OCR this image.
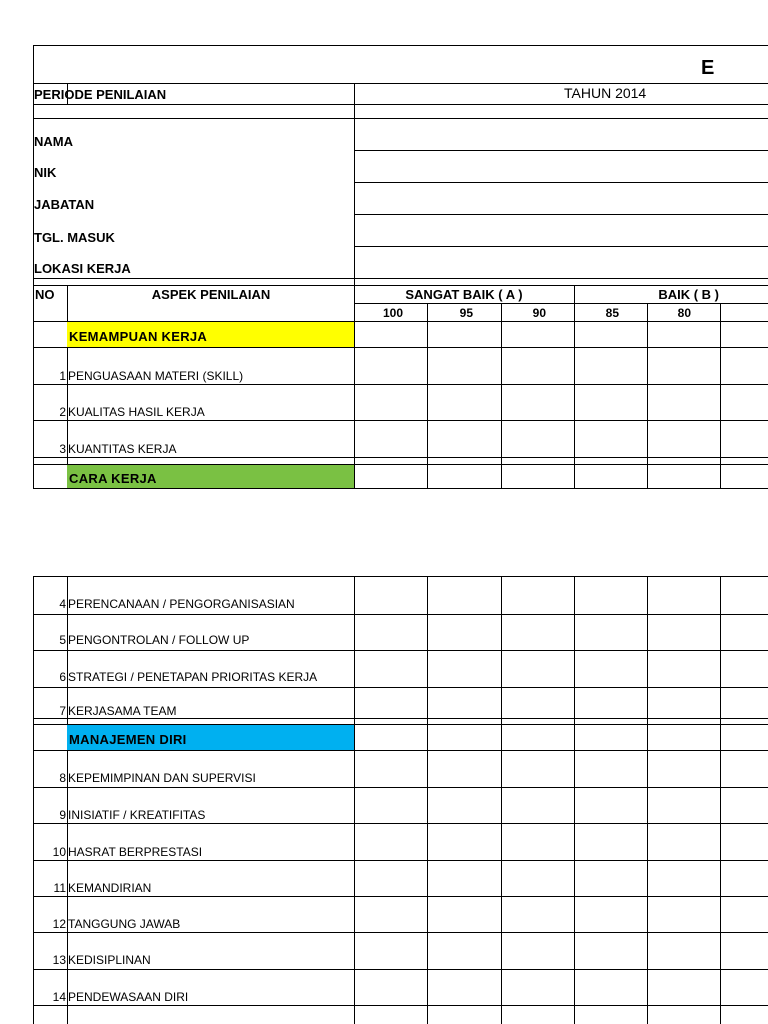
E
PERIODE PENILAIAN	TAHUN 2014
NAMA
NIK
JABATAN
TGL. MASUK
LOKASI KERJA
NO	ASPEK PENILAIAN	SANGAT BAIK ( A )	BAIK ( B )
100	95	90	85	80
KEMAMPUAN KERJA
1 PENGUASAAN MATERI (SKILL)
2 KUALITAS HASIL KERJA
3 KUANTITAS KERJA
CARA KERJA
4 PERENCANAAN / PENGORGANISASIAN
5 PENGONTROLAN / FOLLOW UP
6 STRATEGI / PENETAPAN PRIORITAS KERJA
7 KERJASAMA TEAM
MANAJEMEN DIRI
8 KEPEMIMPINAN DAN SUPERVISI
9 INISIATIF / KREATIFITAS
10 HASRAT BERPRESTASI
11 KEMANDIRIAN
12 TANGGUNG JAWAB
13 KEDISIPLINAN
14 PENDEWASAAN DIRI
